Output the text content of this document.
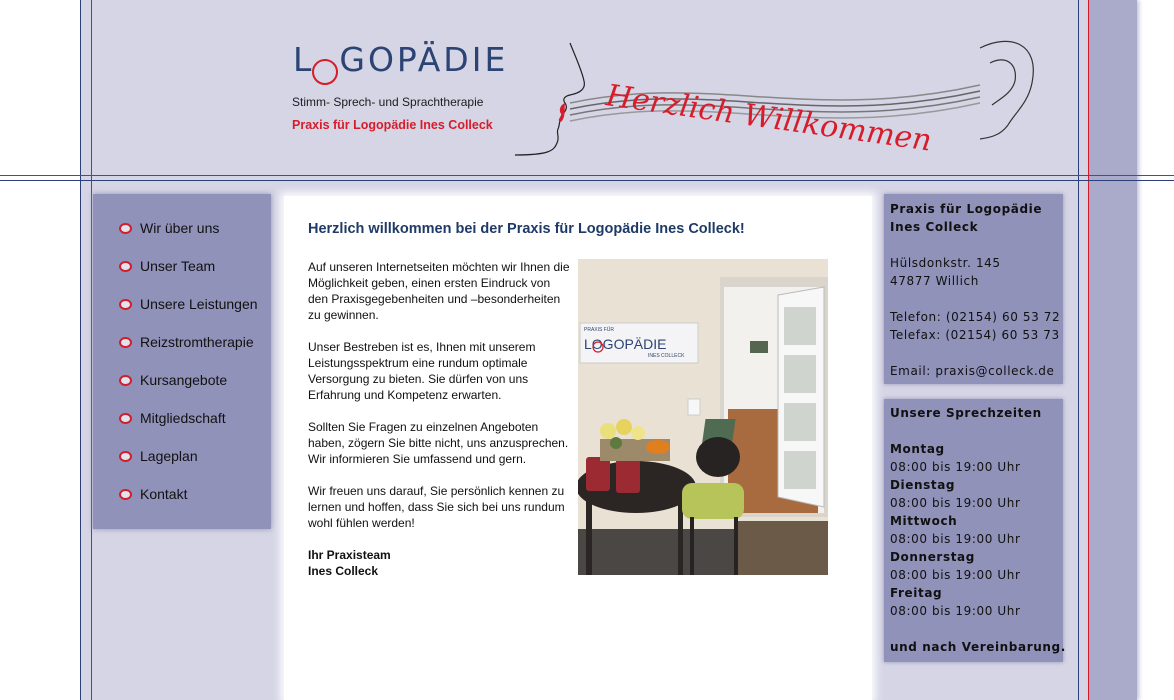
L GOPÄDIE
Stimm- Sprech- und Sprachtherapie
Praxis für Logopädie Ines Colleck	Herzlich Willkommen
Wir über uns
Unser Team
Unsere Leistungen
Reizstromtherapie
Kursangebote
Mitgliedschaft
Lageplan
Kontakt
Herzlich willkommen bei der Praxis für Logopädie Ines Colleck!

Auf unseren Internetseiten möchten wir Ihnen die Möglichkeit geben, einen ersten Eindruck von den Praxisgegebenheiten und –besonderheiten zu gewinnen.

Unser Bestreben ist es, Ihnen mit unserem Leistungsspektrum eine rundum optimale Versorgung zu bieten. Sie dürfen von uns Erfahrung und Kompetenz erwarten.

Sollten Sie Fragen zu einzelnen Angeboten haben, zögern Sie bitte nicht, uns anzusprechen. Wir informieren Sie umfassend und gern.

Wir freuen uns darauf, Sie persönlich kennen zu lernen und hoffen, dass Sie sich bei uns rundum wohl fühlen werden!

Ihr Praxisteam
Ines Colleck
PRAXIS FÜR
LOGOPÄDIE
INES COLLECK
Praxis für Logopädie
Ines Colleck
Hülsdonkstr. 145
47877 Willich
Telefon: (02154) 60 53 72
Telefax: (02154) 60 53 73
Email: praxis@colleck.de
Unsere Sprechzeiten
Montag
08:00 bis 19:00 Uhr
Dienstag
08:00 bis 19:00 Uhr
Mittwoch
08:00 bis 19:00 Uhr
Donnerstag
08:00 bis 19:00 Uhr
Freitag
08:00 bis 19:00 Uhr
und nach Vereinbarung.
